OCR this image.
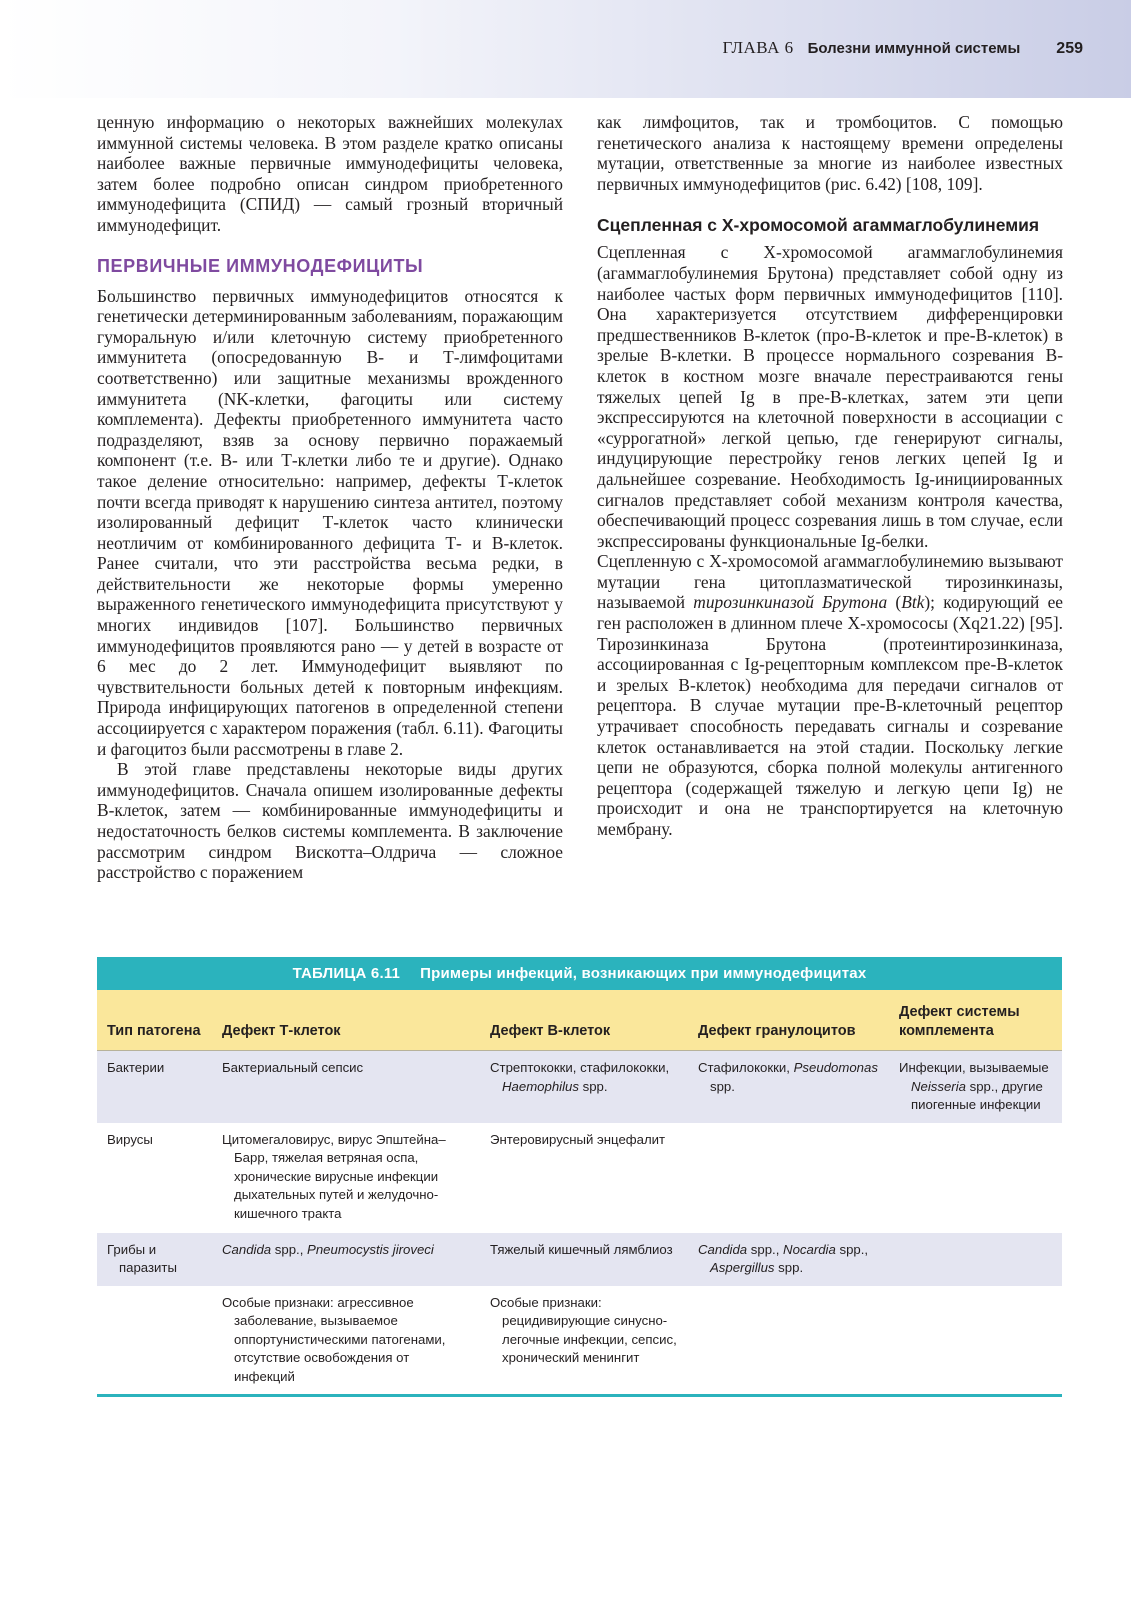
ГЛАВА 6 Болезни иммунной системы 259

ценную информацию о некоторых важнейших молекулах иммунной системы человека. В этом разделе кратко описаны наиболее важные первичные иммунодефициты человека, затем более подробно описан синдром приобретенного иммунодефицита (СПИД) — самый грозный вторичный иммунодефицит.

ПЕРВИЧНЫЕ ИММУНОДЕФИЦИТЫ

Большинство первичных иммунодефицитов относятся к генетически детерминированным заболеваниям, поражающим гуморальную и/или клеточную систему приобретенного иммунитета (опосредованную В- и Т-лимфоцитами соответственно) или защитные механизмы врожденного иммунитета (NK-клетки, фагоциты или систему комплемента). Дефекты приобретенного иммунитета часто подразделяют, взяв за основу первично поражаемый компонент (т.е. В- или Т-клетки либо те и другие). Однако такое деление относительно: например, дефекты Т-клеток почти всегда приводят к нарушению синтеза антител, поэтому изолированный дефицит Т-клеток часто клинически неотличим от комбинированного дефицита Т- и В-клеток. Ранее считали, что эти расстройства весьма редки, в действительности же некоторые формы умеренно выраженного генетического иммунодефицита присутствуют у многих индивидов [107]. Большинство первичных иммунодефицитов проявляются рано — у детей в возрасте от 6 мес до 2 лет. Иммунодефицит выявляют по чувствительности больных детей к повторным инфекциям. Природа инфицирующих патогенов в определенной степени ассоциируется с характером поражения (табл. 6.11). Фагоциты и фагоцитоз были рассмотрены в главе 2.

В этой главе представлены некоторые виды других иммунодефицитов. Сначала опишем изолированные дефекты В-клеток, затем — комбинированные иммунодефициты и недостаточность белков системы комплемента. В заключение рассмотрим синдром Вискотта–Олдрича — сложное расстройство с поражением

как лимфоцитов, так и тромбоцитов. С помощью генетического анализа к настоящему времени определены мутации, ответственные за многие из наиболее известных первичных иммунодефицитов (рис. 6.42) [108, 109].

Сцепленная с Х-хромосомой агаммаглобулинемия

Сцепленная с Х-хромосомой агаммаглобулинемия (агаммаглобулинемия Брутона) представляет собой одну из наиболее частых форм первичных иммунодефицитов [110]. Она характеризуется отсутствием дифференцировки предшественников В-клеток (про-В-клеток и пре-В-клеток) в зрелые В-клетки. В процессе нормального созревания В-клеток в костном мозге вначале перестраиваются гены тяжелых цепей Ig в пре-В-клетках, затем эти цепи экспрессируются на клеточной поверхности в ассоциации с «суррогатной» легкой цепью, где генерируют сигналы, индуцирующие перестройку генов легких цепей Ig и дальнейшее созревание. Необходимость Ig-инициированных сигналов представляет собой механизм контроля качества, обеспечивающий процесс созревания лишь в том случае, если экспрессированы функциональные Ig-белки.

Сцепленную с Х-хромосомой агаммаглобулинемию вызывают мутации гена цитоплазматической тирозинкиназы, называемой тирозинкиназой Брутона (Btk); кодирующий ее ген расположен в длинном плече Х-хромососы (Xq21.22) [95]. Тирозинкиназа Брутона (протеинтирозинкиназа, ассоциированная с Ig-рецепторным комплексом пре-В-клеток и зрелых В-клеток) необходима для передачи сигналов от рецептора. В случае мутации пре-В-клеточный рецептор утрачивает способность передавать сигналы и созревание клеток останавливается на этой стадии. Поскольку легкие цепи не образуются, сборка полной молекулы антигенного рецептора (содержащей тяжелую и легкую цепи Ig) не происходит и она не транспортируется на клеточную мембрану.

ТАБЛИЦА 6.11 Примеры инфекций, возникающих при иммунодефицитах
Тип патогена	Дефект Т-клеток	Дефект В-клеток	Дефект гранулоцитов	Дефект системы комплемента
Бактерии	Бактериальный сепсис	Стрептококки, стафилококки, Haemophilus spp.	Стафилококки, Pseudomonas spp.	Инфекции, вызываемые Neisseria spp., другие пиогенные инфекции

Вирусы	Цитомегаловирус, вирус Эпштейна–Барр, тяжелая ветряная оспа, хронические вирусные инфекции дыхательных путей и желудочно-кишечного тракта	Энтеровирусный энцефалит		

Грибы и паразиты	Candida spp., Pneumocystis jiroveci	Тяжелый кишечный лямблиоз	Candida spp., Nocardia spp., Aspergillus spp.	

	Особые признаки: агрессивное заболевание, вызываемое оппортунистическими патогенами, отсутствие освобождения от инфекций	Особые признаки: рецидивирующие синусно-легочные инфекции, сепсис, хронический менингит		
